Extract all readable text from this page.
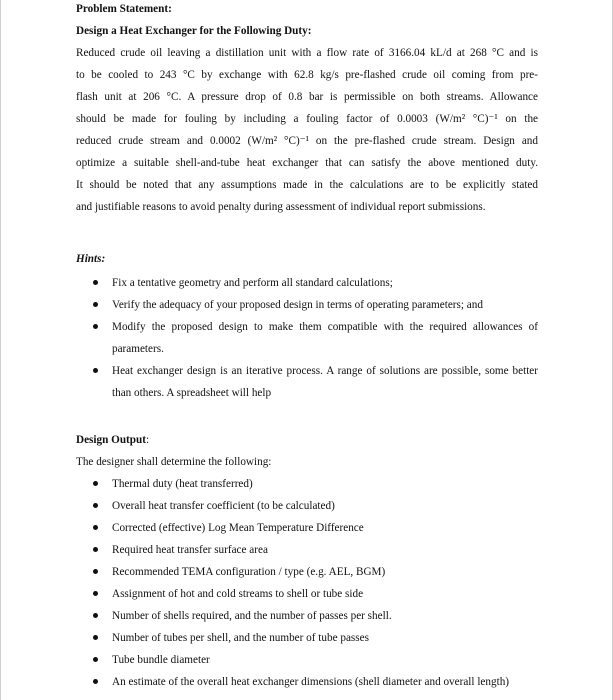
Problem Statement:

Design a Heat Exchanger for the Following Duty:

Reduced crude oil leaving a distillation unit with a flow rate of 3166.04 kL/d at 268 °C and is
to be cooled to 243 °C by exchange with 62.8 kg/s pre-flashed crude oil coming from pre-
flash unit at 206 °C. A pressure drop of 0.8 bar is permissible on both streams. Allowance
should be made for fouling by including a fouling factor of 0.0003 (W/m² °C)⁻¹ on the
reduced crude stream and 0.0002 (W/m² °C)⁻¹ on the pre-flashed crude stream. Design and
optimize a suitable shell-and-tube heat exchanger that can satisfy the above mentioned duty.
It should be noted that any assumptions made in the calculations are to be explicitly stated
and justifiable reasons to avoid penalty during assessment of individual report submissions.

Hints:

Fix a tentative geometry and perform all standard calculations;
Verify the adequacy of your proposed design in terms of operating parameters; and
Modify the proposed design to make them compatible with the required allowances of parameters.
Heat exchanger design is an iterative process. A range of solutions are possible, some better than others. A spreadsheet will help

Design Output:

The designer shall determine the following:

Thermal duty (heat transferred)
Overall heat transfer coefficient (to be calculated)
Corrected (effective) Log Mean Temperature Difference
Required heat transfer surface area
Recommended TEMA configuration / type (e.g. AEL, BGM)
Assignment of hot and cold streams to shell or tube side
Number of shells required, and the number of passes per shell.
Number of tubes per shell, and the number of tube passes
Tube bundle diameter
An estimate of the overall heat exchanger dimensions (shell diameter and overall length)
